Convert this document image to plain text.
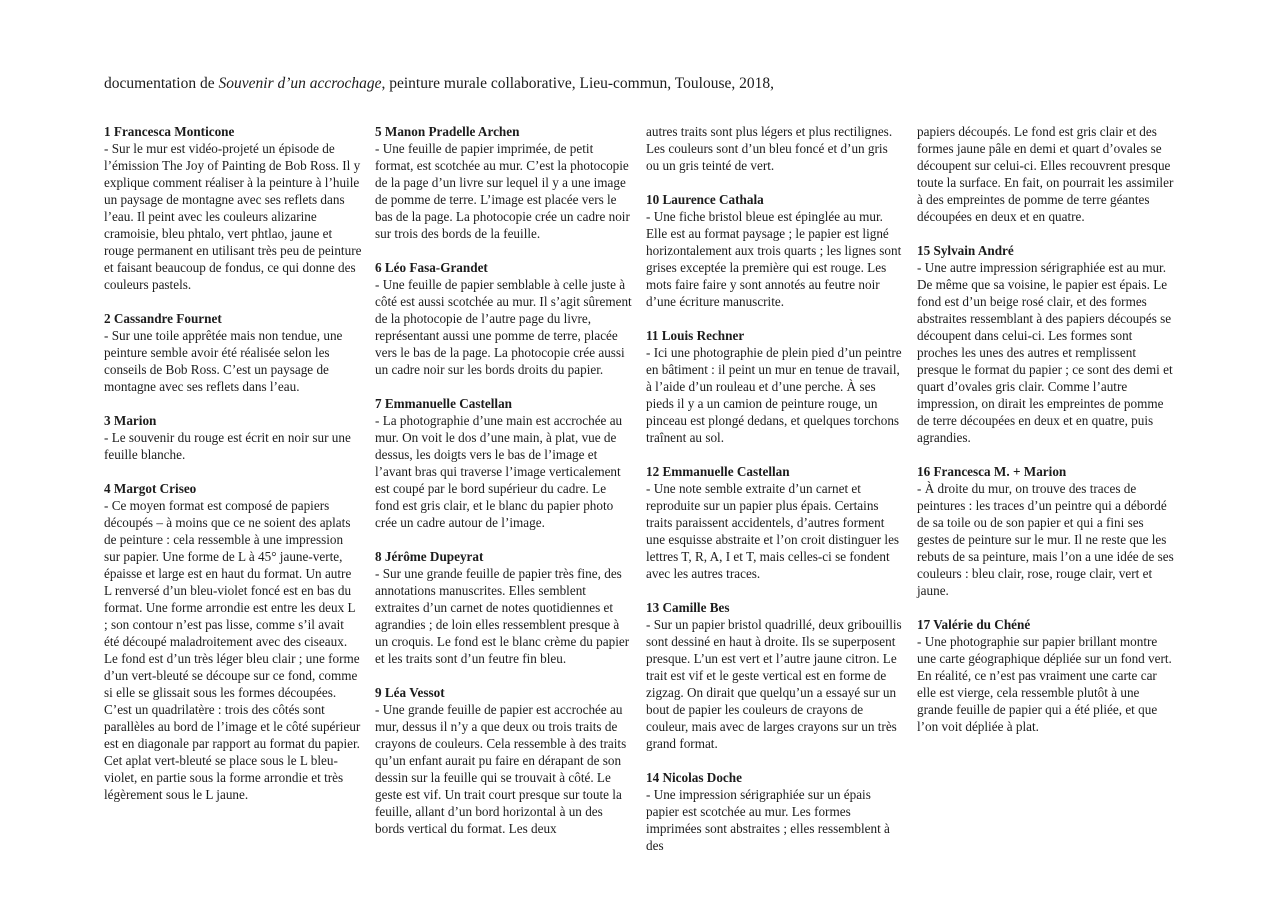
documentation de Souvenir d’un accrochage, peinture murale collaborative, Lieu-commun, Toulouse, 2018,

1 Francesca Monticone

- Sur le mur est vidéo-projeté un épisode de l’émission The Joy of Painting de Bob Ross. Il y explique comment réaliser à la peinture à l’huile un paysage de montagne avec ses reflets dans l’eau. Il peint avec les couleurs alizarine cramoisie, bleu phtalo, vert phtlao, jaune et rouge permanent en utilisant très peu de peinture et faisant beaucoup de fondus, ce qui donne des couleurs pastels.

2 Cassandre Fournet

- Sur une toile apprêtée mais non tendue, une peinture semble avoir été réalisée selon les conseils de Bob Ross. C’est un paysage de montagne avec ses reflets dans l’eau.

3 Marion

- Le souvenir du rouge est écrit en noir sur une feuille blanche.

4 Margot Criseo

- Ce moyen format est composé de papiers découpés – à moins que ce ne soient des aplats de peinture : cela ressemble à une impression sur papier. Une forme de L à 45° jaune-verte, épaisse et large est en haut du format. Un autre L renversé d’un bleu-violet foncé est en bas du format. Une forme arrondie est entre les deux L ; son contour n’est pas lisse, comme s’il avait été découpé maladroitement avec des ciseaux. Le fond est d’un très léger bleu clair ; une forme d’un vert-bleuté se découpe sur ce fond, comme si elle se glissait sous les formes découpées. C’est un quadrilatère : trois des côtés sont parallèles au bord de l’image et le côté supérieur est en diagonale par rapport au format du papier. Cet aplat vert-bleuté se place sous le L bleu-violet, en partie sous la forme arrondie et très légèrement sous le L jaune.

5 Manon Pradelle Archen

- Une feuille de papier imprimée, de petit format, est scotchée au mur. C’est la photocopie de la page d’un livre sur lequel il y a une image de pomme de terre. L’image est placée vers le bas de la page. La photocopie crée un cadre noir sur trois des bords de la feuille.

6 Léo Fasa-Grandet

- Une feuille de papier semblable à celle juste à côté est aussi scotchée au mur. Il s’agit sûrement de la photocopie de l’autre page du livre, représentant aussi une pomme de terre, placée vers le bas de la page. La photocopie crée aussi un cadre noir sur les bords droits du papier.

7 Emmanuelle Castellan

- La photographie d’une main est accrochée au mur. On voit le dos d’une main, à plat, vue de dessus, les doigts vers le bas de l’image et l’avant bras qui traverse l’image verticalement est coupé par le bord supérieur du cadre. Le fond est gris clair, et le blanc du papier photo crée un cadre autour de l’image.

8 Jérôme Dupeyrat

- Sur une grande feuille de papier très fine, des annotations manuscrites. Elles semblent extraites d’un carnet de notes quotidiennes et agrandies ; de loin elles ressemblent presque à un croquis. Le fond est le blanc crème du papier et les traits sont d’un feutre fin bleu.

9 Léa Vessot

- Une grande feuille de papier est accrochée au mur, dessus il n’y a que deux ou trois traits de crayons de couleurs. Cela ressemble à des traits qu’un enfant aurait pu faire en dérapant de son dessin sur la feuille qui se trouvait à côté. Le geste est vif. Un trait court presque sur toute la feuille, allant d’un bord horizontal à un des bords vertical du format. Les deux

autres traits sont plus légers et plus rectilignes. Les couleurs sont d’un bleu foncé et d’un gris ou un gris teinté de vert.

10 Laurence Cathala

- Une fiche bristol bleue est épinglée au mur. Elle est au format paysage ; le papier est ligné horizontalement aux trois quarts ; les lignes sont grises exceptée la première qui est rouge. Les mots faire faire y sont annotés au feutre noir d’une écriture manuscrite.

11 Louis Rechner

- Ici une photographie de plein pied d’un peintre en bâtiment : il peint un mur en tenue de travail, à l’aide d’un rouleau et d’une perche. À ses pieds il y a un camion de peinture rouge, un pinceau est plongé dedans, et quelques torchons traînent au sol.

12 Emmanuelle Castellan

- Une note semble extraite d’un carnet et reproduite sur un papier plus épais. Certains traits paraissent accidentels, d’autres forment une esquisse abstraite et l’on croit distinguer les lettres T, R, A, I et T, mais celles-ci se fondent avec les autres traces.

13 Camille Bes

- Sur un papier bristol quadrillé, deux gribouillis sont dessiné en haut à droite. Ils se superposent presque. L’un est vert et l’autre jaune citron. Le trait est vif et le geste vertical est en forme de zigzag. On dirait que quelqu’un a essayé sur un bout de papier les couleurs de crayons de couleur, mais avec de larges crayons sur un très grand format.

14 Nicolas Doche

- Une impression sérigraphiée sur un épais papier est scotchée au mur. Les formes imprimées sont abstraites ; elles ressemblent à des

papiers découpés. Le fond est gris clair et des formes jaune pâle en demi et quart d’ovales se découpent sur celui-ci. Elles recouvrent presque toute la surface. En fait, on pourrait les assimiler à des empreintes de pomme de terre géantes découpées en deux et en quatre.

15 Sylvain André

- Une autre impression sérigraphiée est au mur. De même que sa voisine, le papier est épais. Le fond est d’un beige rosé clair, et des formes abstraites ressemblant à des papiers découpés se découpent dans celui-ci. Les formes sont proches les unes des autres et remplissent presque le format du papier ; ce sont des demi et quart d’ovales gris clair. Comme l’autre impression, on dirait les empreintes de pomme de terre découpées en deux et en quatre, puis agrandies.

16 Francesca M. + Marion

- À droite du mur, on trouve des traces de peintures : les traces d’un peintre qui a débordé de sa toile ou de son papier et qui a fini ses gestes de peinture sur le mur. Il ne reste que les rebuts de sa peinture, mais l’on a une idée de ses couleurs : bleu clair, rose, rouge clair, vert et jaune.

17 Valérie du Chéné

- Une photographie sur papier brillant montre une carte géographique dépliée sur un fond vert. En réalité, ce n’est pas vraiment une carte car elle est vierge, cela ressemble plutôt à une grande feuille de papier qui a été pliée, et que l’on voit dépliée à plat.
